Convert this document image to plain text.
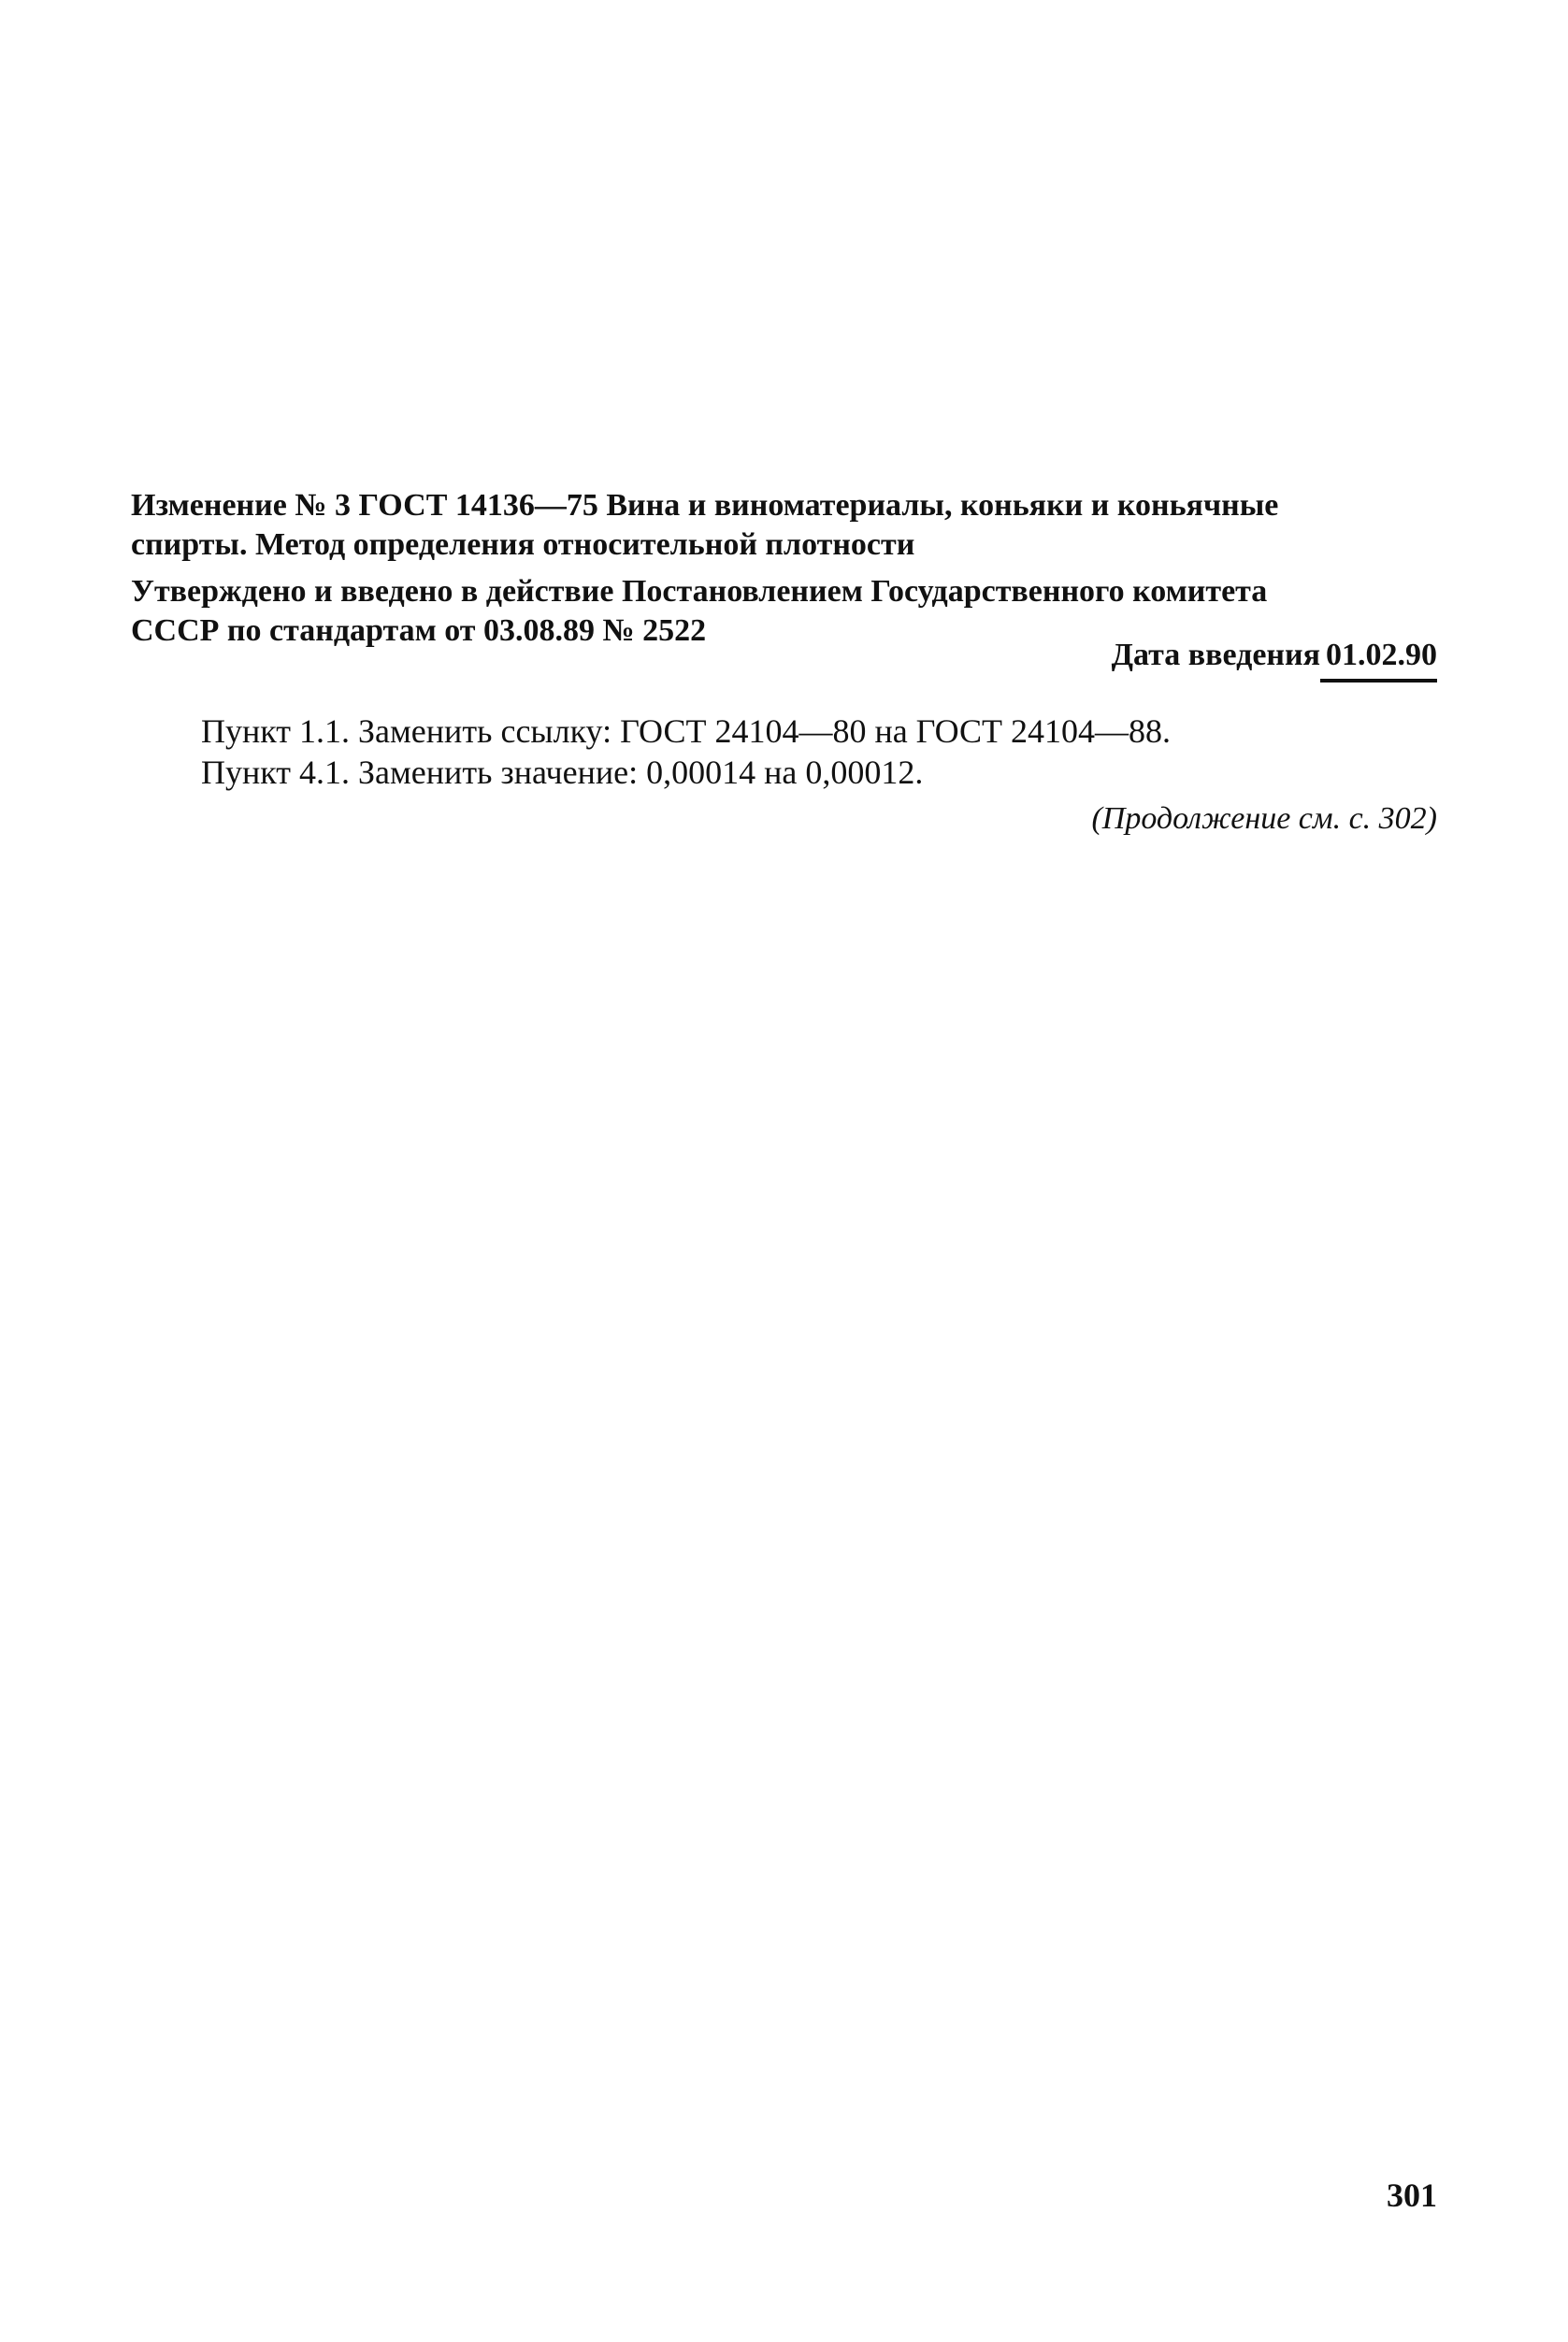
Изменение № 3 ГОСТ 14136—75 Вина и виноматериалы, коньяки и коньячные
спирты. Метод определения относительной плотности
Утверждено и введено в действие Постановлением Государственного комитета
СССР по стандартам от 03.08.89 № 2522
Дата введения 01.02.90
Пункт 1.1. Заменить ссылку: ГОСТ 24104—80 на ГОСТ 24104—88.
Пункт 4.1. Заменить значение: 0,00014 на 0,00012.
(Продолжение см. с. 302)
301
